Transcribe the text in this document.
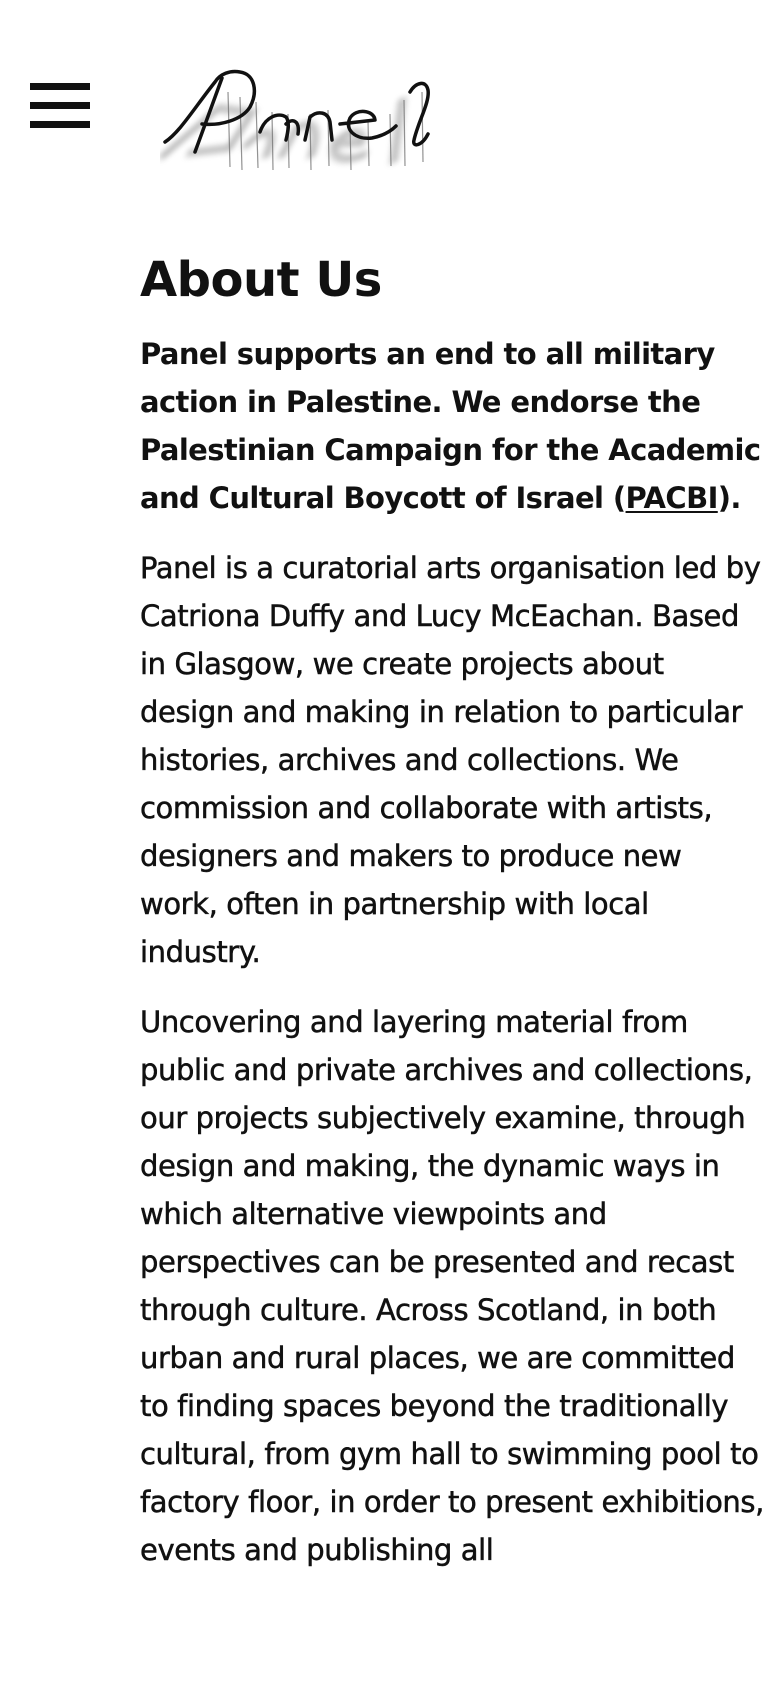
About Us

Panel supports an end to all military action in Palestine. We endorse the Palestinian Campaign for the Academic and Cultural Boycott of Israel (PACBI).

Panel is a curatorial arts organisation led by Catriona Duffy and Lucy McEachan. Based in Glasgow, we create projects about design and making in relation to particular histories, archives and collections. We commission and collaborate with artists, designers and makers to produce new work, often in partnership with local industry.

Uncovering and layering material from public and private archives and collections, our projects subjectively examine, through design and making, the dynamic ways in which alternative viewpoints and perspectives can be presented and recast through culture. Across Scotland, in both urban and rural places, we are committed to finding spaces beyond the traditionally cultural, from gym hall to swimming pool to factory floor, in order to present exhibitions, events and publishing all
